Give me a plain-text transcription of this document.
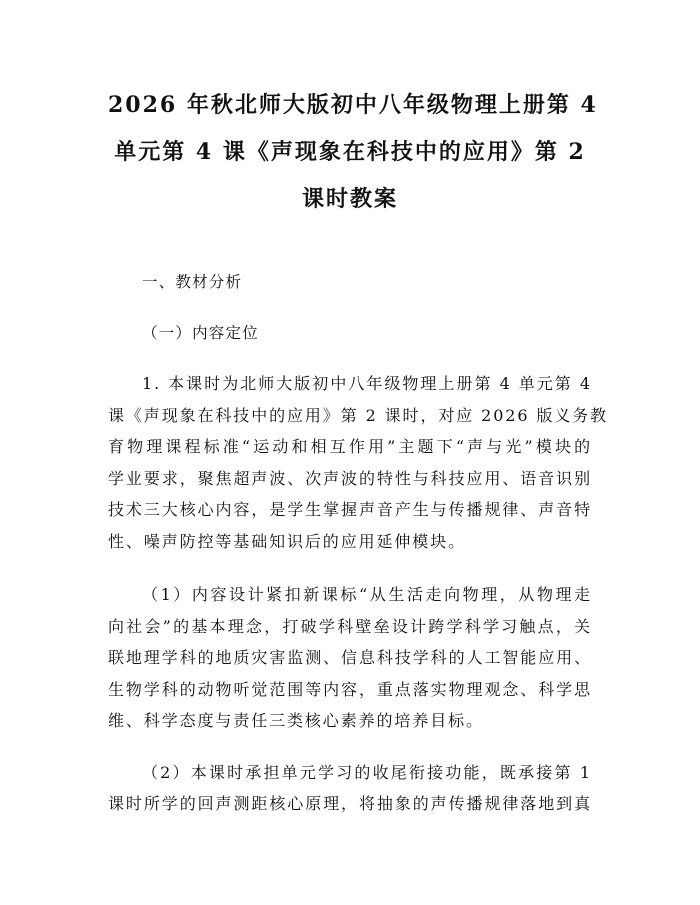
2026 年秋北师大版初中八年级物理上册第 4
单元第 4 课《声现象在科技中的应用》第 2
课时教案

一、教材分析

（一）内容定位

1. 本课时为北师大版初中八年级物理上册第 4 单元第 4
课《声现象在科技中的应用》第 2 课时，对应 2026 版义务教
育物理课程标准“运动和相互作用”主题下“声与光”模块的
学业要求，聚焦超声波、次声波的特性与科技应用、语音识别
技术三大核心内容，是学生掌握声音产生与传播规律、声音特
性、噪声防控等基础知识后的应用延伸模块。
（1）内容设计紧扣新课标“从生活走向物理，从物理走
向社会”的基本理念，打破学科壁垒设计跨学科学习触点，关
联地理学科的地质灾害监测、信息科技学科的人工智能应用、
生物学科的动物听觉范围等内容，重点落实物理观念、科学思
维、科学态度与责任三类核心素养的培养目标。
（2）本课时承担单元学习的收尾衔接功能，既承接第 1
课时所学的回声测距核心原理，将抽象的声传播规律落地到真
